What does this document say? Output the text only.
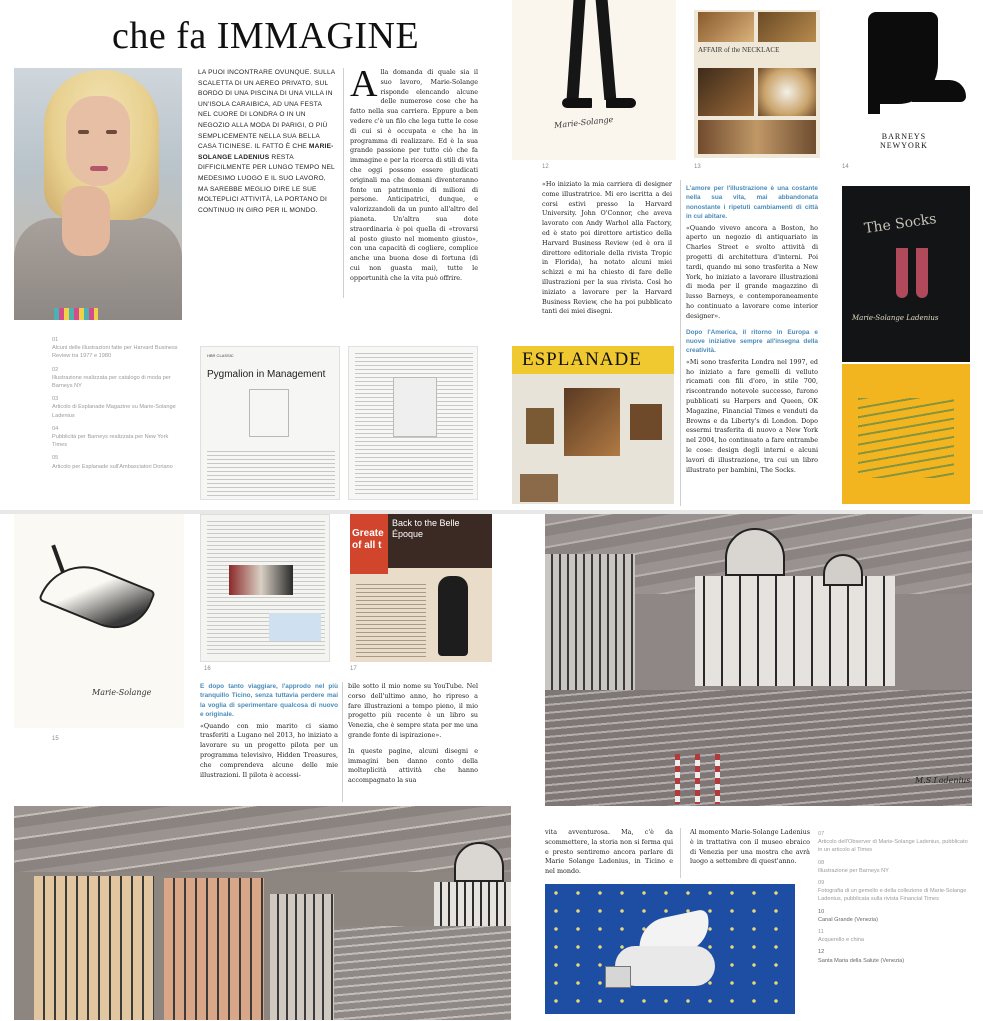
che fa IMMAGINE
LA PUOI INCONTRARE OVUNQUE. SULLA SCALETTA DI UN AEREO PRIVATO, SUL BORDO DI UNA PISCINA DI UNA VILLA IN UN'ISOLA CARAIBICA, AD UNA FESTA NEL CUORE DI LONDRA O IN UN NEGOZIO ALLA MODA DI PARIGI, O PIÙ SEMPLICEMENTE NELLA SUA BELLA CASA TICINESE. IL FATTO È CHE MARIE-SOLANGE LADENIUS RESTA DIFFICILMENTE PER LUNGO TEMPO NEL MEDESIMO LUOGO E IL SUO LAVORO, MA SAREBBE MEGLIO DIRE LE SUE MOLTEPLICI ATTIVITÀ, LA PORTANO DI CONTINUO IN GIRO PER IL MONDO.
Alla domanda di quale sia il suo lavoro, Marie-Solange risponde elencando alcune delle numerose cose che ha fatto nella sua carriera. Eppure a ben vedere c'è un filo che lega tutte le cose di cui si è occupata e che ha in programma di realizzare. Ed è la sua grande passione per tutto ciò che fa immagine e per la ricerca di stili di vita che oggi possono essere giudicati originali ma che domani diventeranno fonte un patrimonio di milioni di persone. Anticipatrici, dunque, e valorizzandoli da un punto all'altro del pianeta. Un'altra sua dote straordinaria è poi quella di «trovarsi al posto giusto nel momento giusto», con una capacità di cogliere, complice anche una buona dose di fortuna (di cui non guasta mai), tutte le opportunità che la vita può offrire.
01
Alcuni delle illustrazioni fatte per Harvard Business Review tra 1977 e 1980
02
Illustrazione realizzata per catalogo di moda per Barneys NY
03
Articolo di Esplanade Magazine su Marie-Solange Ladenius
04
Pubblicità per Barneys realizzata per New York Times
05
Articolo per Esplanade sull'Ambasciatori Doriano
HBR CLASSIC
Pygmalion in Management
Marie-Solange
12
«Ho iniziato la mia carriera di designer come illustratrice. Mi ero iscritta a dei corsi estivi presso la Harvard University. John O'Connor, che aveva lavorato con Andy Warhol alla Factory, ed è stato poi direttore artistico della Harvard Business Review (ed è ora il direttore editoriale della rivista Tropic in Florida), ha notato alcuni miei schizzi e mi ha chiesto di fare delle illustrazioni per la sua rivista. Così ho iniziato a lavorare per la Harvard Business Review, che ha poi pubblicato tanti dei miei disegni.
ESPLANADE
AFFAIR of the NECKLACE
13
L'amore per l'illustrazione è una costante nella sua vita, mai abbandonata nonostante i ripetuti cambiamenti di città in cui abitare.
«Quando vivevo ancora a Boston, ho aperto un negozio di antiquariato in Charles Street e svolto attività di progetti di architettura d'interni. Poi tardi, quando mi sono trasferita a New York, ho iniziato a lavorare illustrazioni di moda per il grande magazzino di lusso Barneys, e contemporaneamente ho continuato a lavorare come interior designer».
Dopo l'America, il ritorno in Europa e nuove iniziative sempre all'insegna della creatività.
«Mi sono trasferita Londra nel 1997, ed ho iniziato a fare gemelli di velluto ricamati con fili d'oro, in stile 700, riscontrando notevole successo, furono pubblicati su Harpers and Queen, OK Magazine, Financial Times e venduti da Browns e da Liberty's di London. Dopo essermi trasferita di nuovo a New York nel 2004, ho continuato a fare entrambe le cose: design degli interni e alcuni lavori di illustrazione, tra cui un libro illustrato per bambini, The Socks.
BARNEYS
NEWYORK
14
The Socks
Marie-Solange Ladenius
Marie-Solange
15
16
Greate of all t
Back to the Belle Époque
17
E dopo tanto viaggiare, l'approdo nel più tranquillo Ticino, senza tuttavia perdere mai la voglia di sperimentare qualcosa di nuovo e originale.
«Quando con mio marito ci siamo trasferiti a Lugano nel 2013, ho iniziato a lavorare su un progetto pilota per un programma televisivo, Hidden Treasures, che comprendeva alcune delle mie illustrazioni. Il pilota è accessi-
bile sotto il mio nome su YouTube. Nel corso dell'ultimo anno, ho ripreso a fare illustrazioni a tempo pieno, il mio progetto più recente è un libro su Venezia, che è sempre stata per me una grande fonte di ispirazione».
In queste pagine, alcuni disegni e immagini ben danno conto della molteplicità attività che hanno accompagnato la sua	M.S.Ladenius
vita avventurosa. Ma, c'è da scommettere, la storia non si ferma qui e presto sentiremo ancora parlare di Marie Solange Ladenius, in Ticino e nel mondo.
Al momento Marie-Solange Ladenius è in trattativa con il museo ebraico di Venezia per una mostra che avrà luogo a settembre di quest'anno.
07
Articolo dell'Observer di Marie-Solange Ladenius, pubblicato in un articolo al Times
08
Illustrazione per Barneys NY
09
Fotografia di un gemello e della collezione di Marie-Solange Ladenius, pubblicata sulla rivista Financial Times
10
Canal Grande (Venezia)
11
Acquerello e china
12
Santa Maria della Salute (Venezia)
